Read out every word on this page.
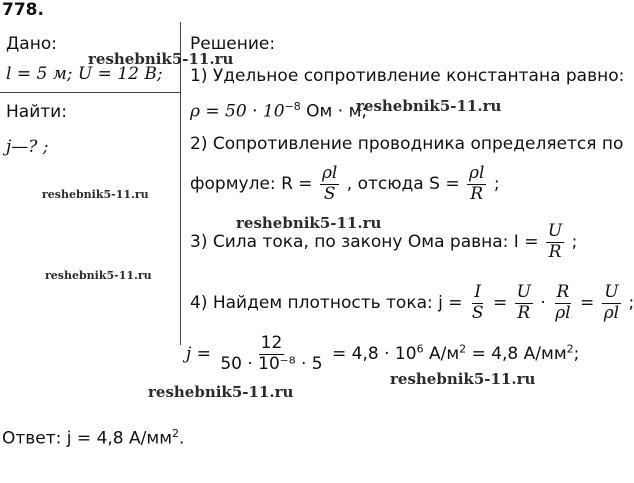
778.
Дано:
l = 5 м; U = 12 В;
Найти:
j—? ;
Решение:
1) Удельное сопротивление константана равно:
$\rho = 50 \cdot 10^{-8}$ Ом · м;
2) Сопротивление проводника определяется по
формуле: $R = \frac{\rho l}{S}$ , отсюда $S = \frac{\rho l}{R}$ ;
3) Сила тока, по закону Ома равна: $I = \frac{U}{R}$ ;
4) Найдем плотность тока: $j = \frac{I}{S} = \frac{U}{R} \cdot \frac{R}{\rho l} = \frac{U}{\rho l}$ ;
$j = \frac{12}{\text{50 · 10⁻⁸ · 5}} = 4,8 \cdot 10^6$ $А/м^2 = 4,8$ $А/мм^2$;
Ответ: j = 4,8 $А/мм^2$.
reshebnik5-11.ru
reshebnik5-11.ru
reshebnik5-11.ru
reshebnik5-11.ru
reshebnik5-11.ru
reshebnik5-11.ru
reshebnik5-11.ru
